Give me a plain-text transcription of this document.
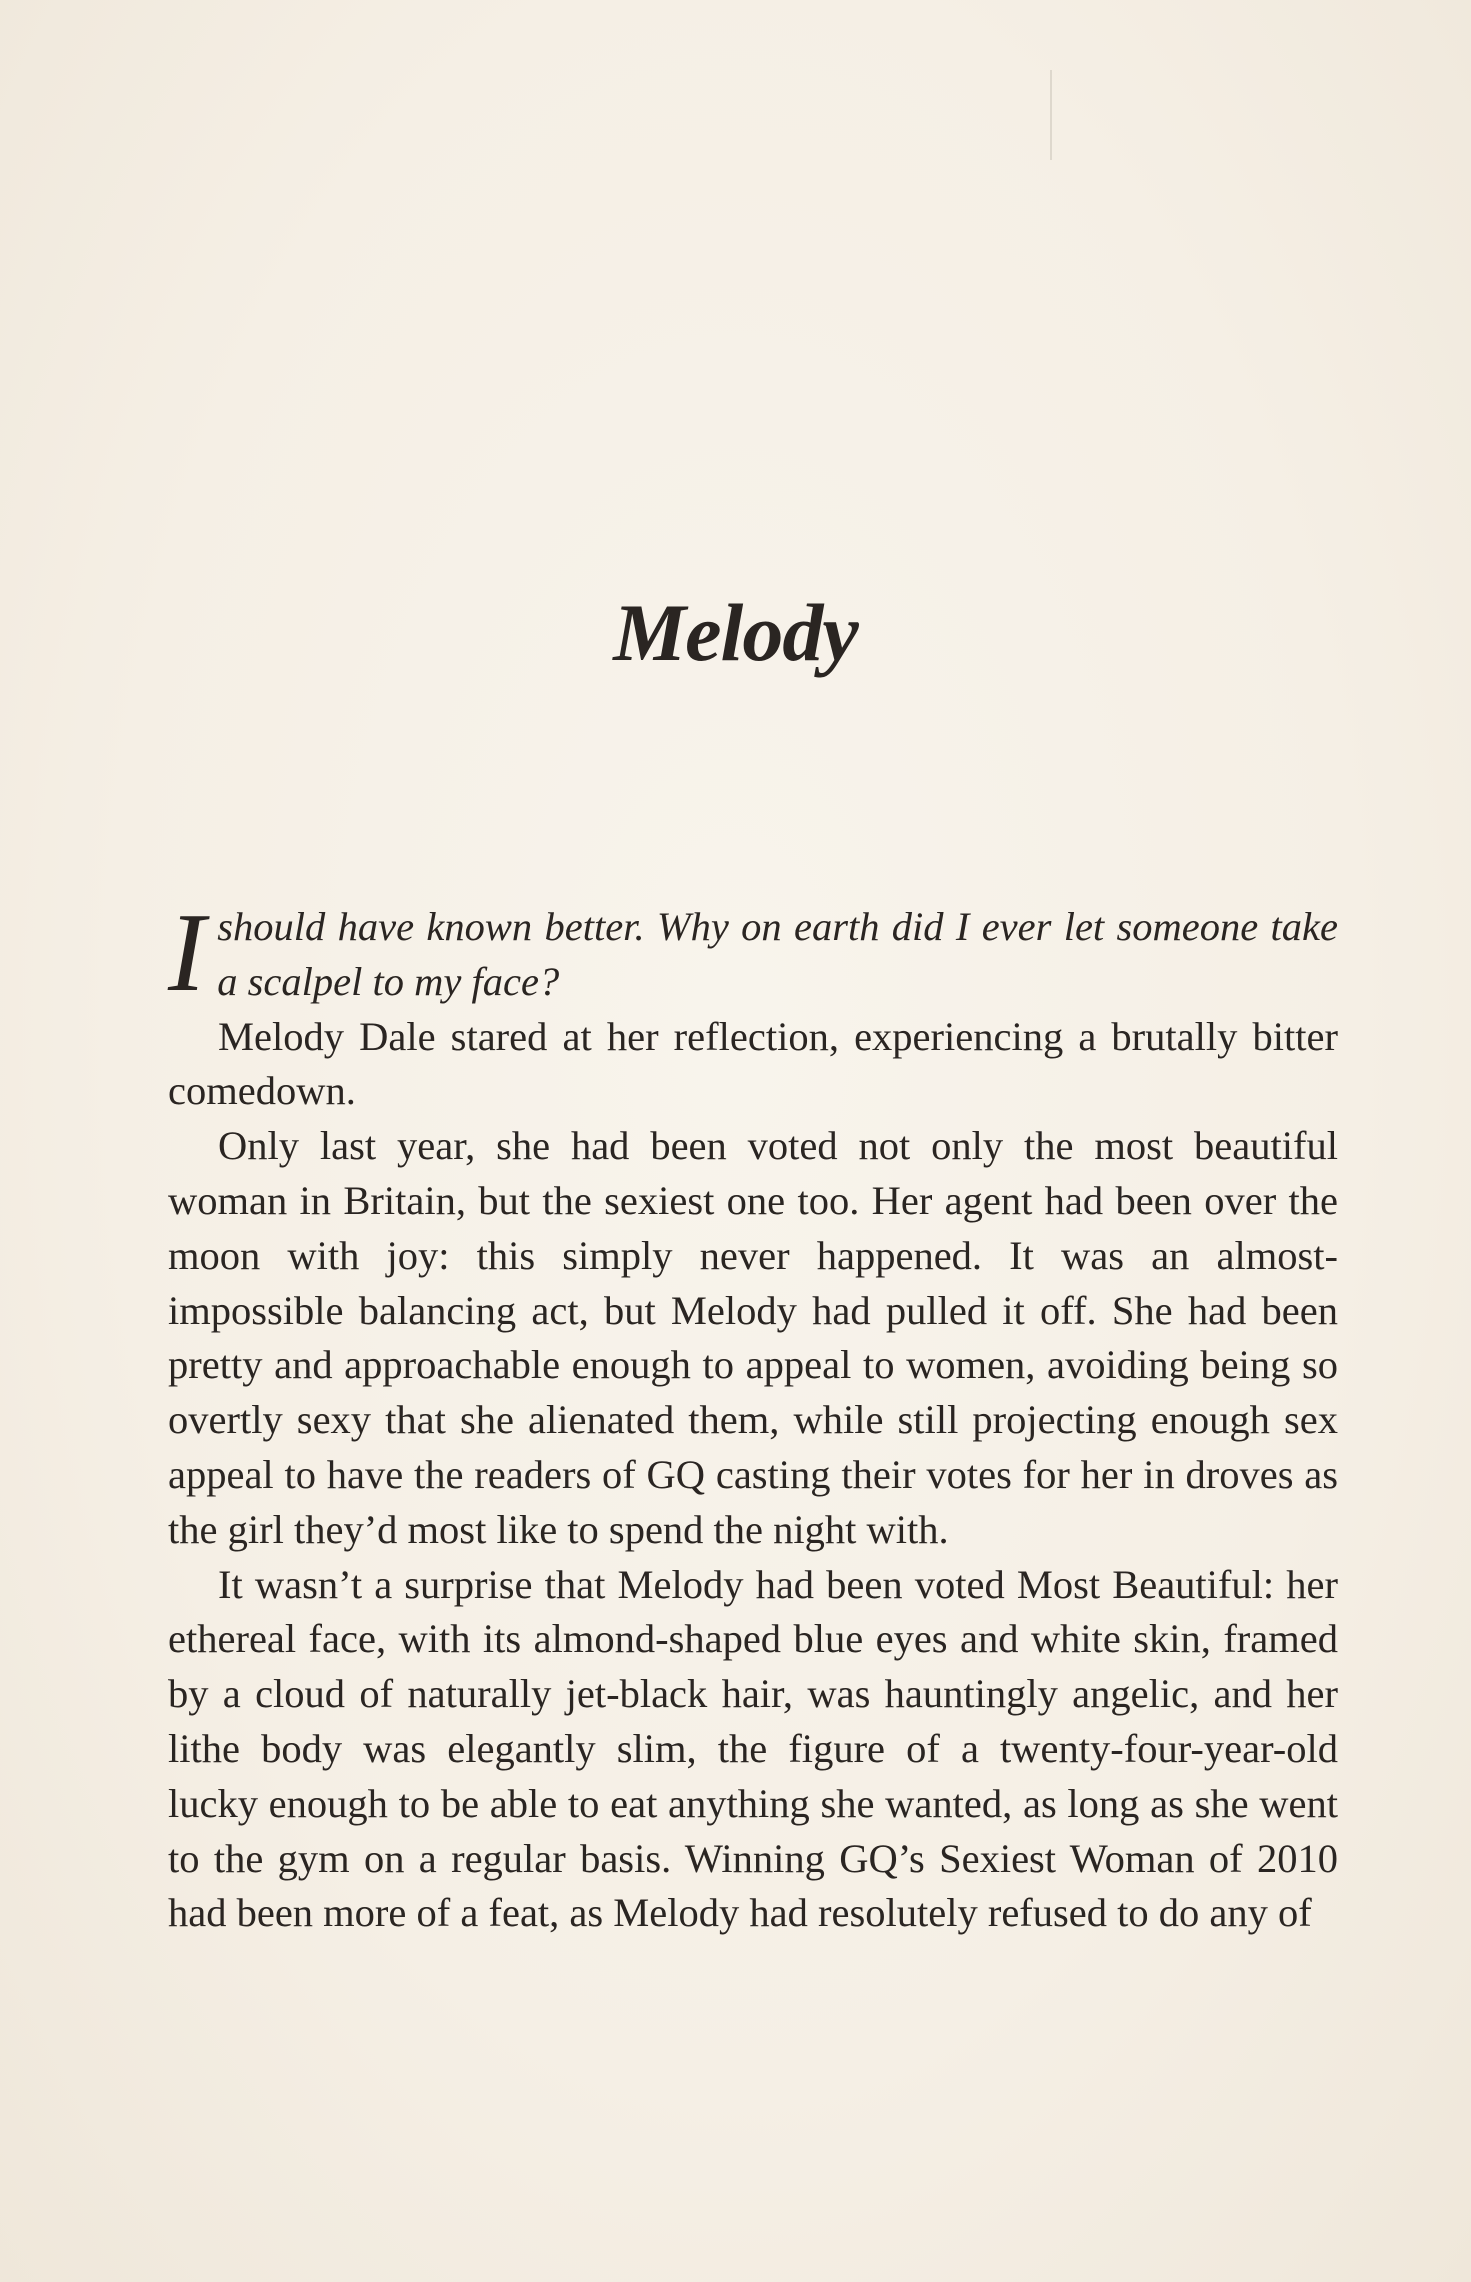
Melody

Ishould have known better. Why on earth did I ever let someone take a scalpel to my face?

Melody Dale stared at her reflection, experiencing a brutally bitter comedown.

Only last year, she had been voted not only the most beautiful woman in Britain, but the sexiest one too. Her agent had been over the moon with joy: this simply never happened. It was an almost-impossible balancing act, but Melody had pulled it off. She had been pretty and approachable enough to appeal to women, avoiding being so overtly sexy that she alienated them, while still projecting enough sex appeal to have the readers of GQ casting their votes for her in droves as the girl they’d most like to spend the night with.

It wasn’t a surprise that Melody had been voted Most Beautiful: her ethereal face, with its almond-shaped blue eyes and white skin, framed by a cloud of naturally jet-black hair, was hauntingly angelic, and her lithe body was elegantly slim, the figure of a twenty-four-year-old lucky enough to be able to eat anything she wanted, as long as she went to the gym on a regular basis. Winning GQ’s Sexiest Woman of 2010 had been more of a feat, as Melody had resolutely refused to do any of
